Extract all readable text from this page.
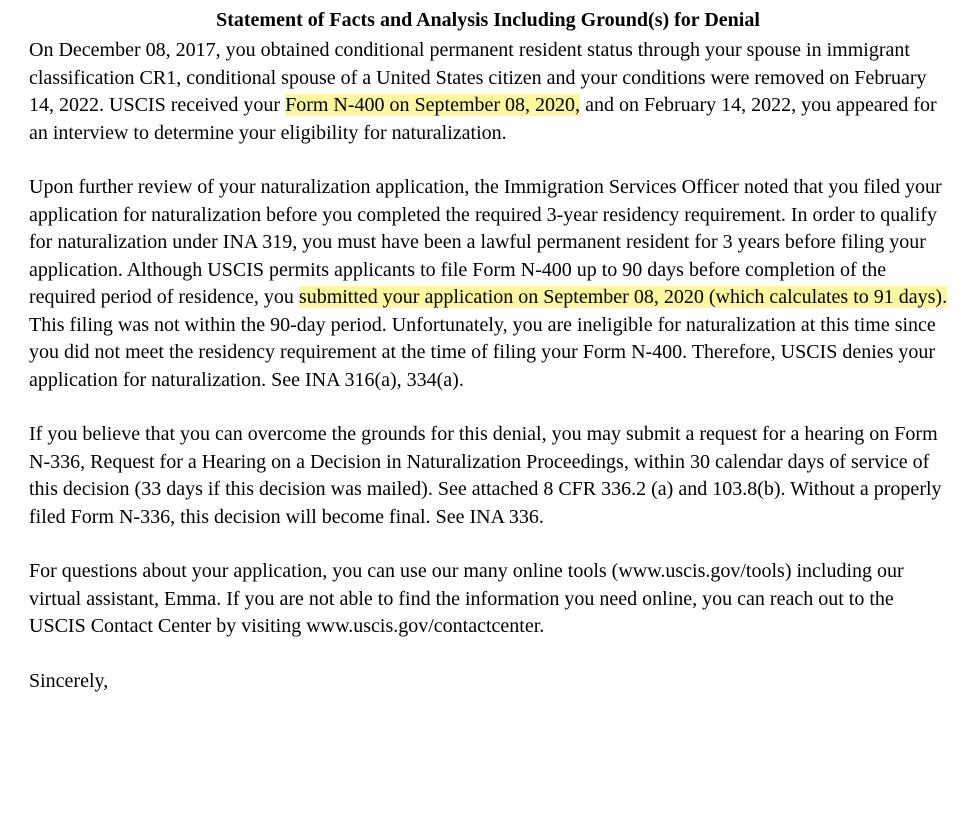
Statement of Facts and Analysis Including Ground(s) for Denial

On December 08, 2017, you obtained conditional permanent resident status through your spouse in immigrant classification CR1, conditional spouse of a United States citizen and your conditions were removed on February 14, 2022. USCIS received your Form N-400 on September 08, 2020, and on February 14, 2022, you appeared for an interview to determine your eligibility for naturalization.

Upon further review of your naturalization application, the Immigration Services Officer noted that you filed your application for naturalization before you completed the required 3-year residency requirement. In order to qualify for naturalization under INA 319, you must have been a lawful permanent resident for 3 years before filing your application. Although USCIS permits applicants to file Form N-400 up to 90 days before completion of the required period of residence, you submitted your application on September 08, 2020 (which calculates to 91 days). This filing was not within the 90-day period. Unfortunately, you are ineligible for naturalization at this time since you did not meet the residency requirement at the time of filing your Form N-400. Therefore, USCIS denies your application for naturalization. See INA 316(a), 334(a).

If you believe that you can overcome the grounds for this denial, you may submit a request for a hearing on Form N-336, Request for a Hearing on a Decision in Naturalization Proceedings, within 30 calendar days of service of this decision (33 days if this decision was mailed). See attached 8 CFR 336.2 (a) and 103.8(b). Without a properly filed Form N-336, this decision will become final. See INA 336.

For questions about your application, you can use our many online tools (www.uscis.gov/tools) including our virtual assistant, Emma. If you are not able to find the information you need online, you can reach out to the USCIS Contact Center by visiting www.uscis.gov/contactcenter.

Sincerely,
